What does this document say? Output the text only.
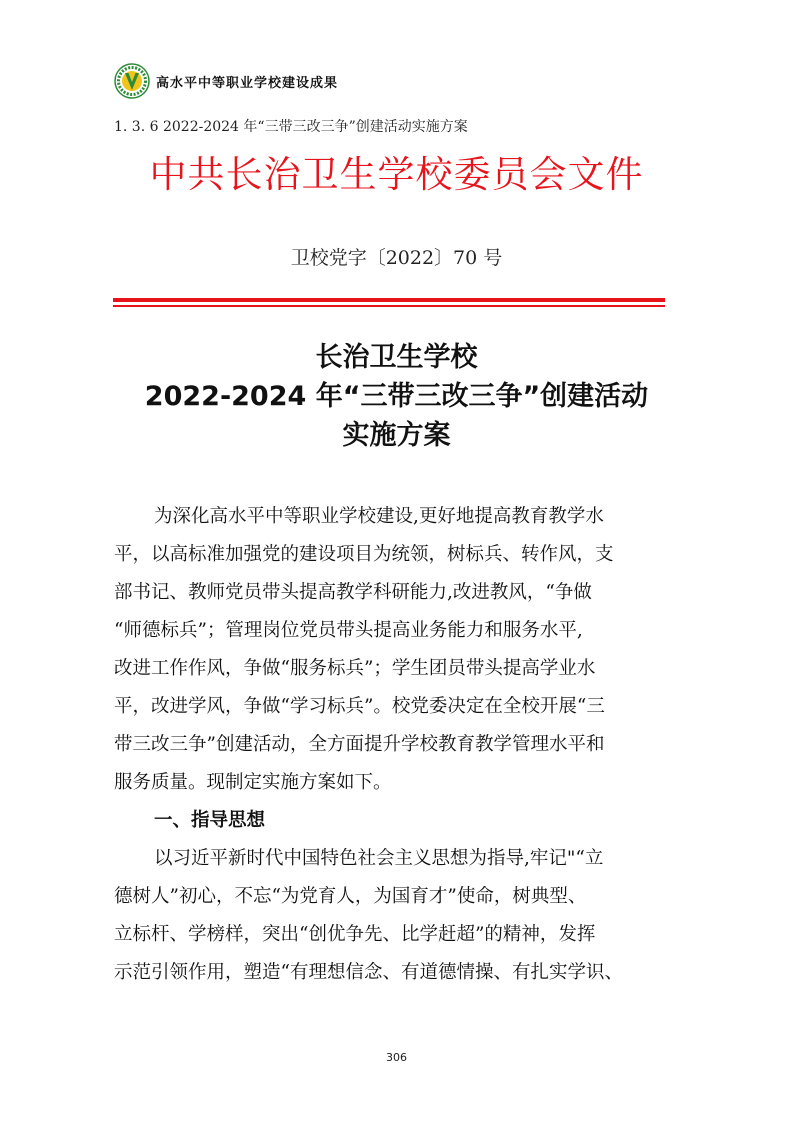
高水平中等职业学校建设成果
1. 3. 6 2022-2024 年“三带三改三争”创建活动实施方案
中共长治卫生学校委员会文件
卫校党字〔2022〕70 号
长治卫生学校
2022-2024 年“三带三改三争”创建活动
实施方案
为深化高水平中等职业学校建设,更好地提高教育教学水
平，以高标准加强党的建设项目为统领，树标兵、转作风，支
部书记、教师党员带头提高教学科研能力,改进教风，“争做
“师德标兵”；管理岗位党员带头提高业务能力和服务水平,
改进工作作风，争做“服务标兵”；学生团员带头提高学业水
平，改进学风，争做“学习标兵”。校党委决定在全校开展“三
带三改三争”创建活动，全方面提升学校教育教学管理水平和
服务质量。现制定实施方案如下。
一、指导思想
以习近平新时代中国特色社会主义思想为指导,牢记"“立
德树人”初心，不忘“为党育人，为国育才”使命，树典型、
立标杆、学榜样，突出“创优争先、比学赶超”的精神，发挥
示范引领作用，塑造“有理想信念、有道德情操、有扎实学识、
306
